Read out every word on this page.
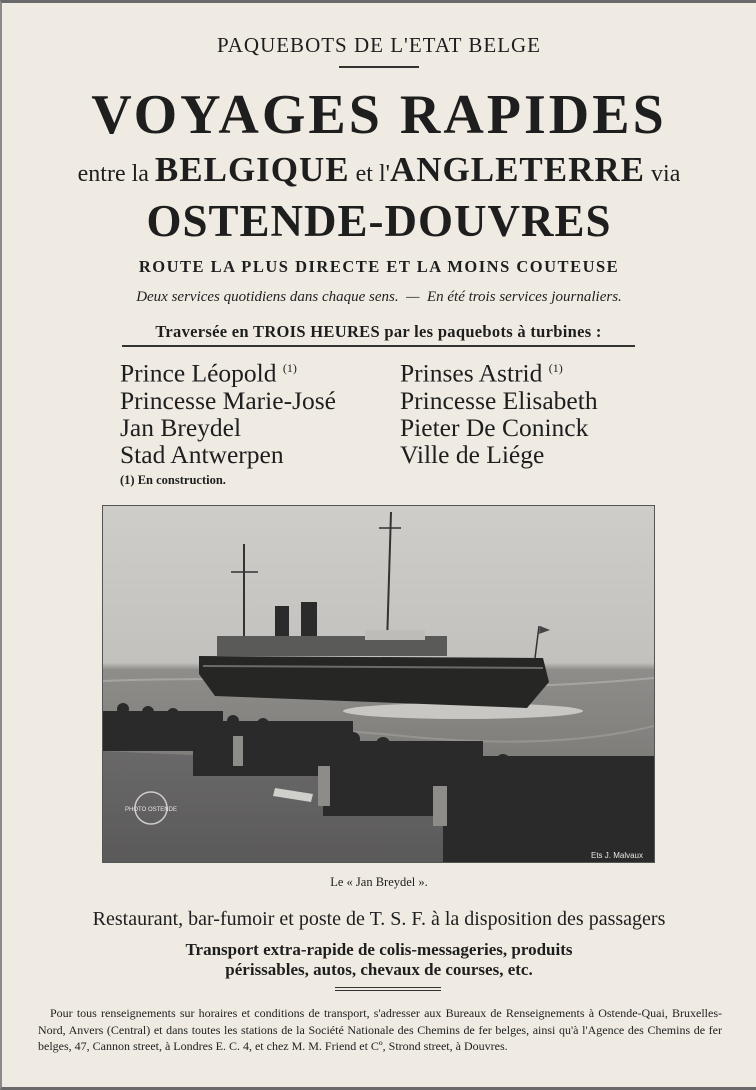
PAQUEBOTS DE L'ETAT BELGE
VOYAGES RAPIDES
entre la BELGIQUE et l'ANGLETERRE via
OSTENDE-DOUVRES
ROUTE LA PLUS DIRECTE ET LA MOINS COUTEUSE
Deux services quotidiens dans chaque sens.  —  En été trois services journaliers.
Traversée en TROIS HEURES par les paquebots à turbines :
Prince Léopold $^{(1)}$
Princesse Marie-José
Jan Breydel
Stad Antwerpen
Prinses Astrid $^{(1)}$
Princesse Elisabeth
Pieter De Coninck
Ville de Liége
(1) En construction.
PHOTO OSTENDE
Ets J. Malvaux
Le « Jan Breydel ».
Restaurant, bar-fumoir et poste de T. S. F. à la disposition des passagers
Transport extra-rapide de colis-messageries, produits
périssables, autos, chevaux de courses, etc.
Pour tous renseignements sur horaires et conditions de transport, s'adresser aux Bureaux de Renseignements à Ostende-Quai, Bruxelles-Nord, Anvers (Central) et dans toutes les stations de la Société Nationale des Chemins de fer belges, ainsi qu'à l'Agence des Chemins de fer belges, 47, Cannon street, à Londres E. C. 4, et chez M. M. Friend et Cº, Strond street, à Douvres.
